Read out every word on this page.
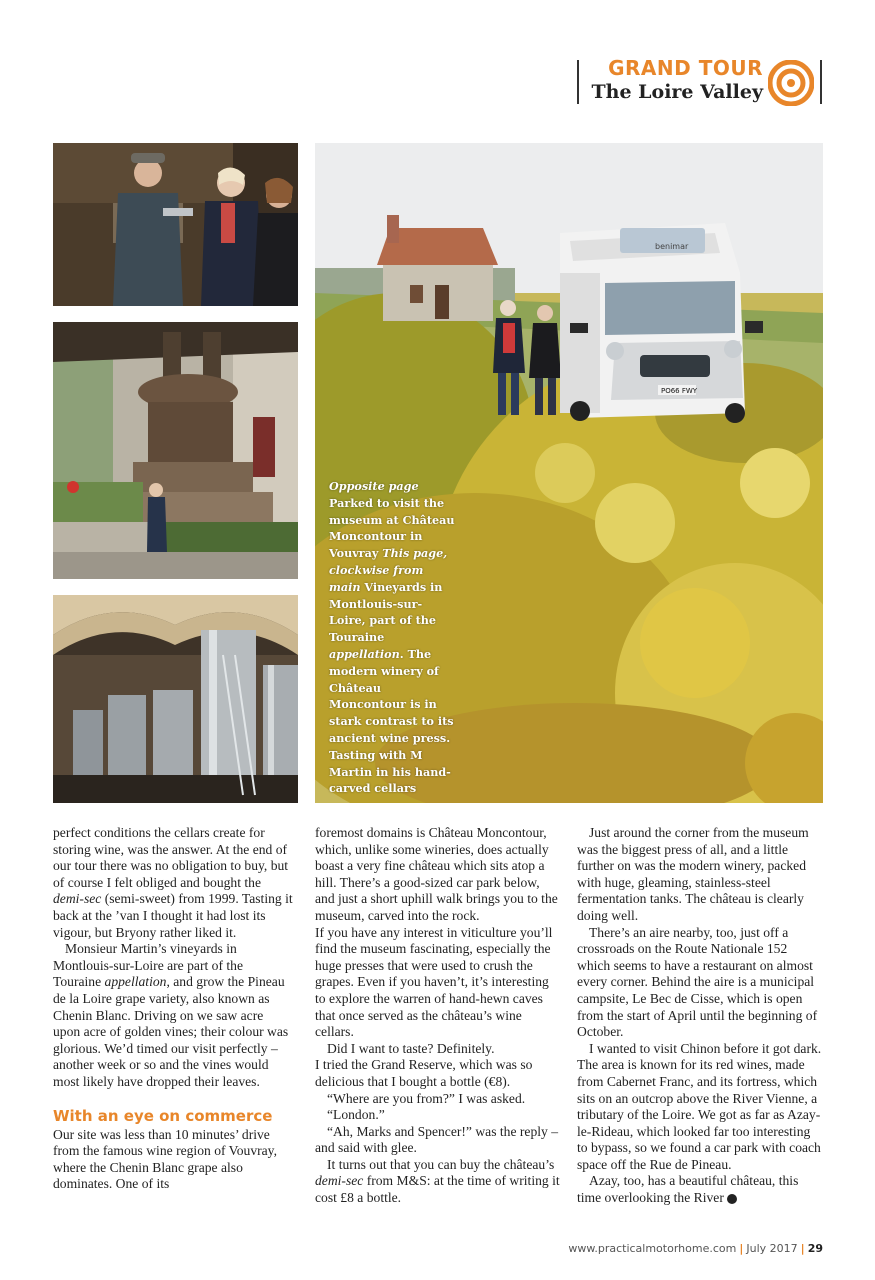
GRAND TOUR
The Loire Valley
benimar
PO66 FWY
Opposite page
Parked to visit the museum at Château Moncontour in Vouvray This page, clockwise from main Vineyards in Montlouis-sur-Loire, part of the Touraine appellation. The modern winery of Château Moncontour is in stark contrast to its ancient wine press. Tasting with M Martin in his hand-carved cellars

perfect conditions the cellars create for storing wine, was the answer. At the end of our tour there was no obligation to buy, but of course I felt obliged and bought the demi-sec (semi-sweet) from 1999. Tasting it back at the ’van I thought it had lost its vigour, but Bryony rather liked it.

Monsieur Martin’s vineyards in Montlouis-sur-Loire are part of the Touraine appellation, and grow the Pineau de la Loire grape variety, also known as Chenin Blanc. Driving on we saw acre upon acre of golden vines; their colour was glorious. We’d timed our visit perfectly – another week or so and the vines would most likely have dropped their leaves.

With an eye on commerce

Our site was less than 10 minutes’ drive from the famous wine region of Vouvray, where the Chenin Blanc grape also dominates. One of its

foremost domains is Château Moncontour, which, unlike some wineries, does actually boast a very fine château which sits atop a hill. There’s a good-sized car park below, and just a short uphill walk brings you to the museum, carved into the rock.

If you have any interest in viticulture you’ll find the museum fascinating, especially the huge presses that were used to crush the grapes. Even if you haven’t, it’s interesting to explore the warren of hand-hewn caves that once served as the château’s wine cellars.

Did I want to taste? Definitely.

I tried the Grand Reserve, which was so delicious that I bought a bottle (€8).

“Where are you from?” I was asked.

“London.”

“Ah, Marks and Spencer!” was the reply – and said with glee.

It turns out that you can buy the château’s demi-sec from M&S: at the time of writing it cost £8 a bottle.

Just around the corner from the museum was the biggest press of all, and a little further on was the modern winery, packed with huge, gleaming, stainless-steel fermentation tanks. The château is clearly doing well.

There’s an aire nearby, too, just off a crossroads on the Route Nationale 152 which seems to have a restaurant on almost every corner. Behind the aire is a municipal campsite, Le Bec de Cisse, which is open from the start of April until the beginning of October.

I wanted to visit Chinon before it got dark. The area is known for its red wines, made from Cabernet Franc, and its fortress, which sits on an outcrop above the River Vienne, a tributary of the Loire. We got as far as Azay-le-Rideau, which looked far too interesting to bypass, so we found a car park with coach space off the Rue de Pineau.

Azay, too, has a beautiful château, this time overlooking the River ➔

www.practicalmotorhome.com | July 2017 | 29
